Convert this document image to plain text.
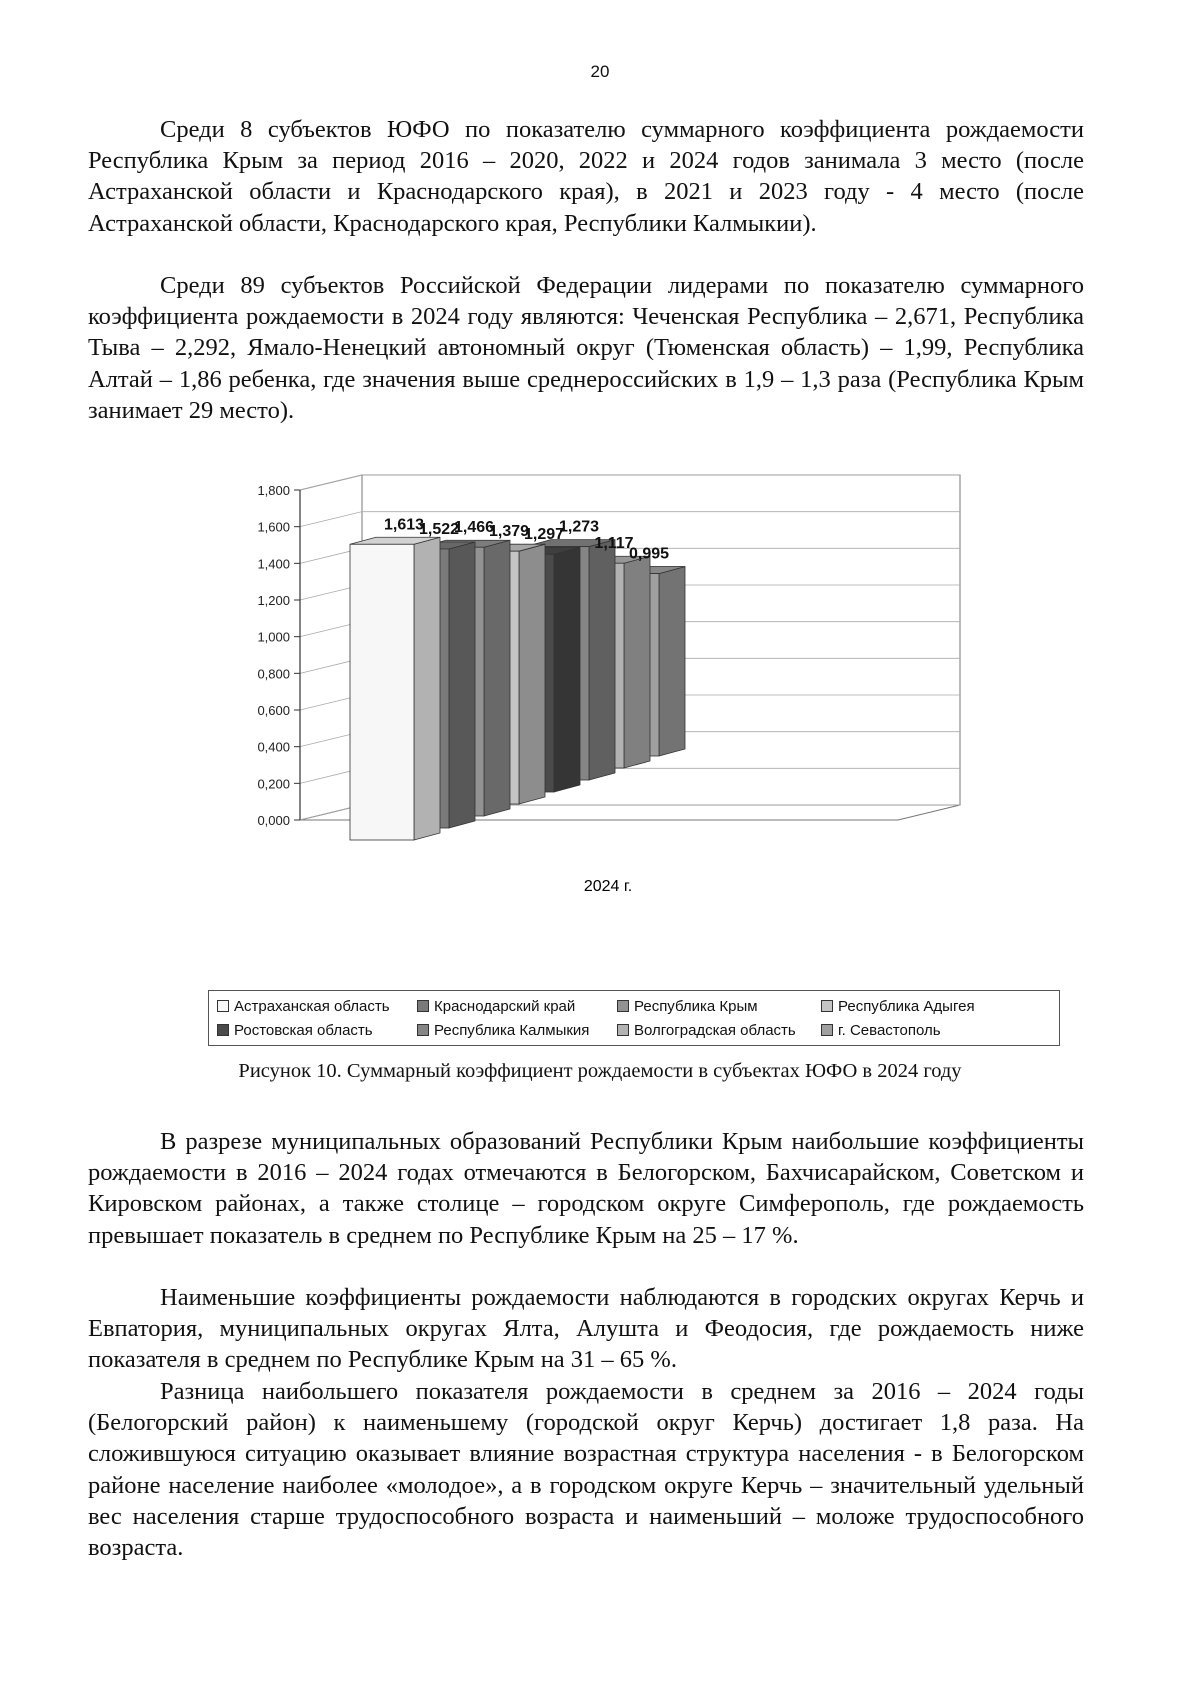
20

Среди 8 субъектов ЮФО по показателю суммарного коэффициента рождаемости Республика Крым за период 2016 – 2020, 2022 и 2024 годов занимала 3 место (после Астраханской области и Краснодарского края), в 2021 и 2023 году - 4 место (после Астраханской области, Краснодарского края, Республики Калмыкии).

Среди 89 субъектов Российской Федерации лидерами по показателю суммарного коэффициента рождаемости в 2024 году являются: Чеченская Республика – 2,671, Республика Тыва – 2,292, Ямало-Ненецкий автономный округ (Тюменская область) – 1,99, Республика Алтай – 1,86 ребенка, где значения выше среднероссийских в 1,9 – 1,3 раза (Республика Крым занимает 29 место).

0,000
0,200
0,400
0,600
0,800
1,000
1,200
1,400
1,600
1,800
1,613
1,522
1,466
1,379
1,297
1,273
1,117
0,995
2024 г.
Астраханская область	Краснодарский край	Республика Крым	Республика Адыгея
Ростовская область	Республика Калмыкия	Волгоградская область	г. Севастополь
Рисунок 10. Суммарный коэффициент рождаемости в субъектах ЮФО в 2024 году

В разрезе муниципальных образований Республики Крым наибольшие коэффициенты рождаемости в 2016 – 2024 годах отмечаются в Белогорском, Бахчисарайском, Советском и Кировском районах, а также столице – городском округе Симферополь, где рождаемость превышает показатель в среднем по Республике Крым на 25 – 17 %.

Наименьшие коэффициенты рождаемости наблюдаются в городских округах Керчь и Евпатория, муниципальных округах Ялта, Алушта и Феодосия, где рождаемость ниже показателя в среднем по Республике Крым на 31 – 65 %.

Разница наибольшего показателя рождаемости в среднем за 2016 – 2024 годы (Белогорский район) к наименьшему (городской округ Керчь) достигает 1,8 раза. На сложившуюся ситуацию оказывает влияние возрастная структура населения - в Белогорском районе население наиболее «молодое», а в городском округе Керчь – значительный удельный вес населения старше трудоспособного возраста и наименьший – моложе трудоспособного возраста.
